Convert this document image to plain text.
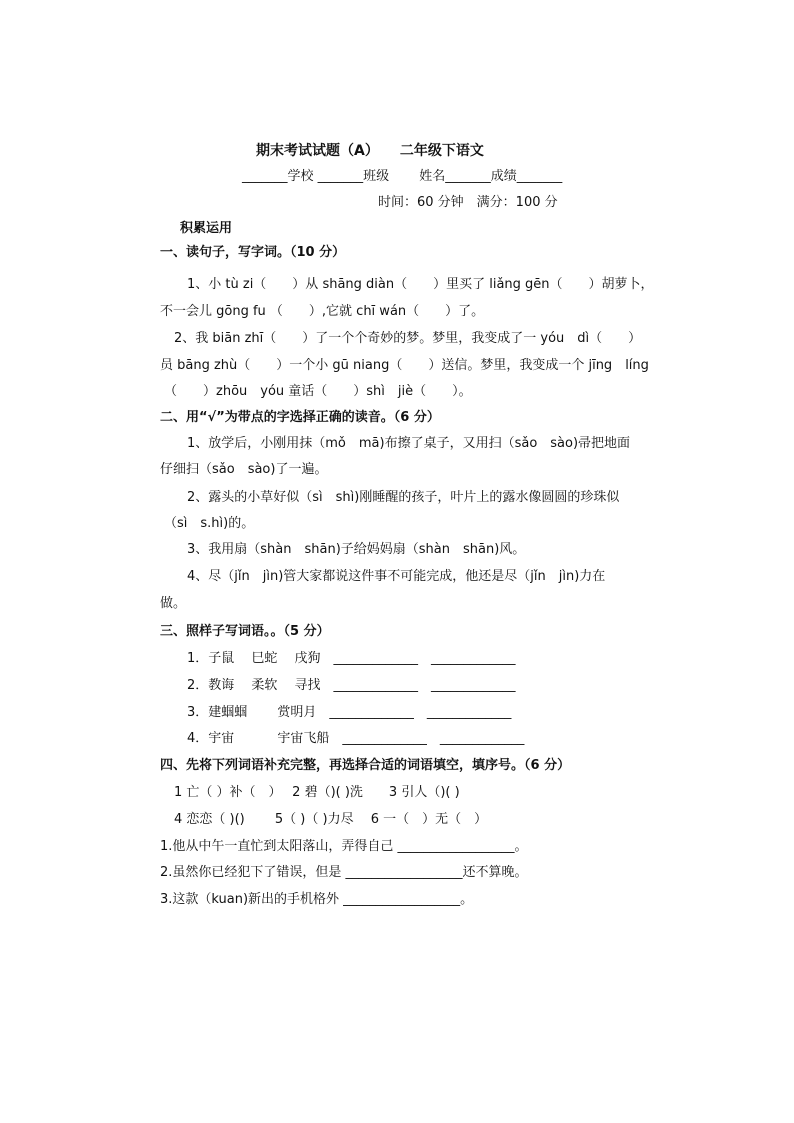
期末考试试题（A）　　二年级下语文
_______学校 _______班级　　 姓名_______成绩_______
时间：60 分钟　满分：100 分
积累运用
一、读句子，写字词。（10 分）
1、小 tù zi（　　）从 shāng diàn（　　）里买了 liǎng gēn（　　）胡萝卜，
不一会儿 gōng fu （　　）,它就 chī wán（　　）了。
2、我 biān zhī（　　）了一个个奇妙的梦。梦里，我变成了一 yóu　dì（　　）
员 bāng zhù（　　）一个小 gū niang（　　）送信。梦里，我变成一个 jīng　líng
（　　）zhōu　yóu 童话（　　）shì　jiè（　　）。
二、用“√”为带点的字选择正确的读音。（6 分）
1、放学后，小刚用抹（mǒ　mā)布擦了桌子，又用扫（sǎo　sào)帚把地面
仔细扫（sǎo　sào)了一遍。
2、露头的小草好似（sì　shì)刚睡醒的孩子，叶片上的露水像圆圆的珍珠似
（sì　s.hì)的。
3、我用扇（shàn　shān)子给妈妈扇（shàn　shān)风。
4、尽（jǐn　jìn)管大家都说这件事不可能完成，他还是尽（jǐn　jìn)力在
做。
三、照样子写词语。。（5 分）
1．子鼠　 巳蛇　 戌狗　_____________　_____________
2．教诲　 柔软　 寻找　_____________　_____________
3．建蝈蝈　　 赏明月　_____________　_____________
4．宇宙　　　 宇宙飞船　_____________　_____________
四、先将下列词语补充完整，再选择合适的词语填空，填序号。（6 分）
1 亡（ ）补（　）　 2 碧（)( )洗　　3 引人（)( )
4 恋恋（ )()　　 5（ )（ )力尽　 6 一（　）无（　）
1.他从中午一直忙到太阳落山，弄得自己 __________________。
2.虽然你已经犯下了错误，但是 __________________还不算晚。
3.这款（kuan)新出的手机格外 __________________。
